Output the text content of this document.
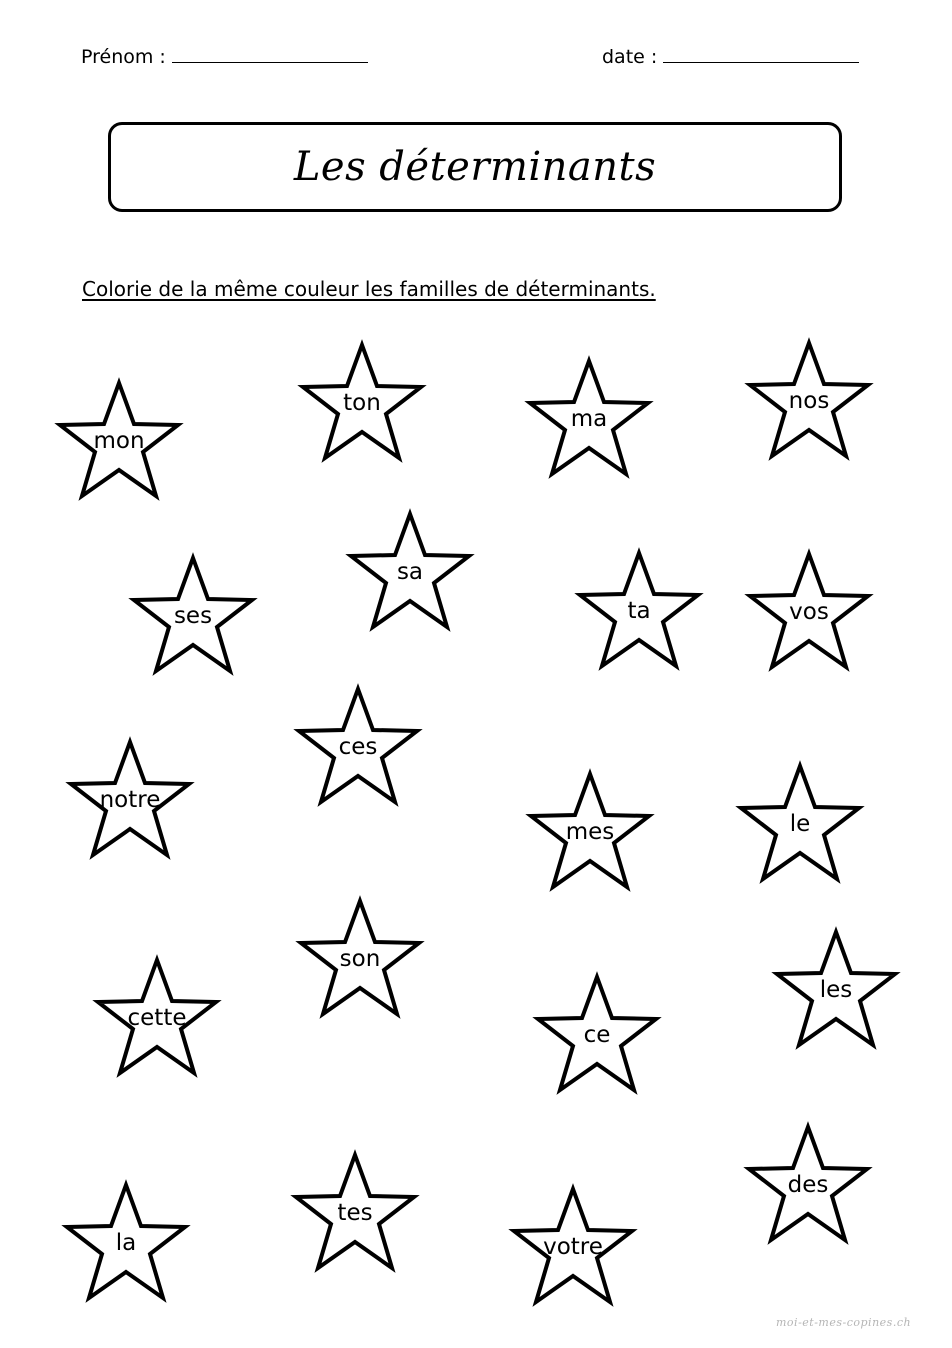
Prénom :	date :
Les déterminants
Colorie de la même couleur les familles de déterminants.
mon
ton
ma
nos
ses
sa
ta	vos
notre
ces
mes	le
cette
son
ce
les
la
tes
votre
des
moi-et-mes-copines.ch
